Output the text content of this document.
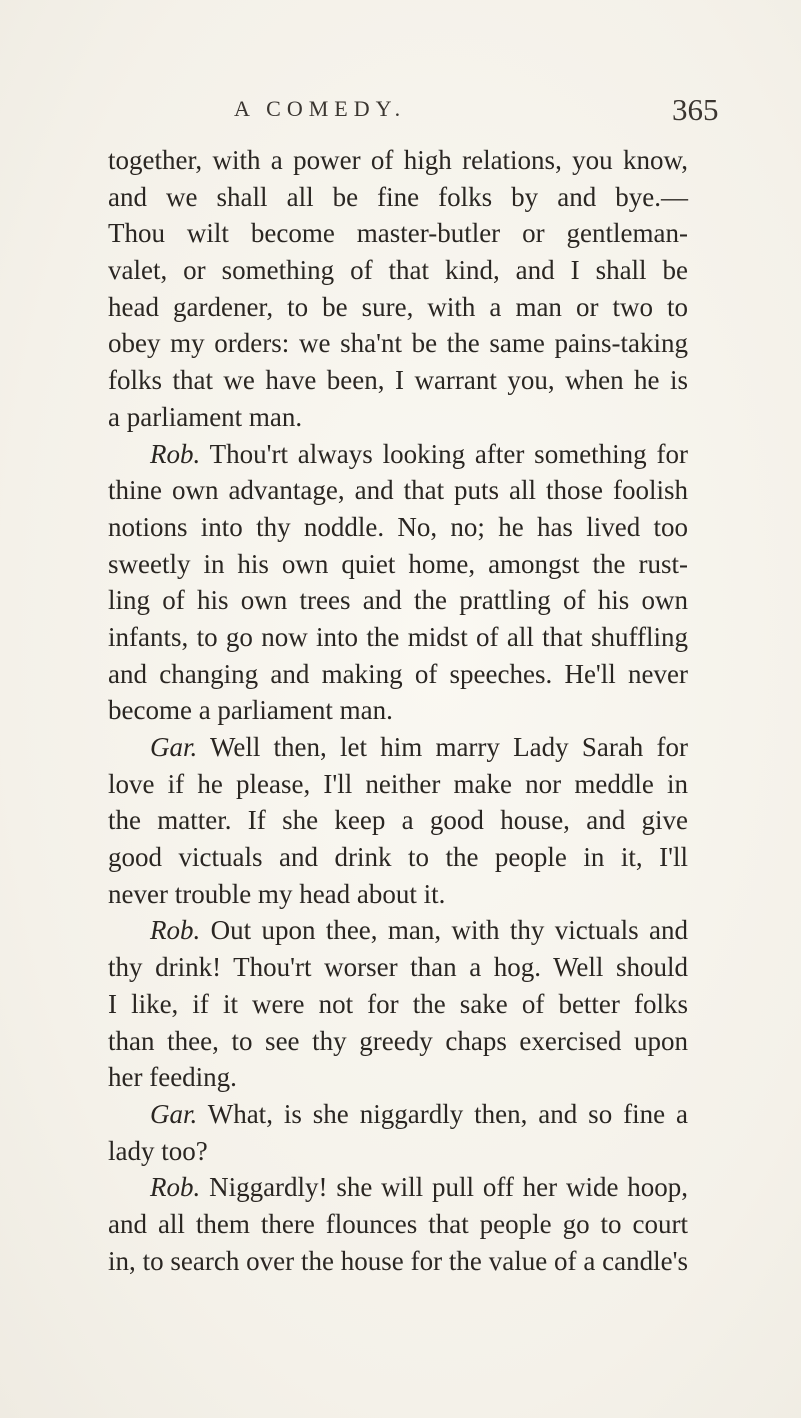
A COMEDY.	365
together, with a power of high relations, you know,
and we shall all be fine folks by and bye.—
Thou wilt become master-butler or gentleman-
valet, or something of that kind, and I shall be
head gardener, to be sure, with a man or two to
obey my orders: we sha'nt be the same pains-taking
folks that we have been, I warrant you, when he is
a parliament man.
Rob. Thou'rt always looking after something for
thine own advantage, and that puts all those foolish
notions into thy noddle. No, no; he has lived too
sweetly in his own quiet home, amongst the rust-
ling of his own trees and the prattling of his own
infants, to go now into the midst of all that shuffling
and changing and making of speeches. He'll never
become a parliament man.
Gar. Well then, let him marry Lady Sarah for
love if he please, I'll neither make nor meddle in
the matter. If she keep a good house, and give
good victuals and drink to the people in it, I'll
never trouble my head about it.
Rob. Out upon thee, man, with thy victuals and
thy drink! Thou'rt worser than a hog. Well should
I like, if it were not for the sake of better folks
than thee, to see thy greedy chaps exercised upon
her feeding.
Gar. What, is she niggardly then, and so fine a
lady too?
Rob. Niggardly! she will pull off her wide hoop,
and all them there flounces that people go to court
in, to search over the house for the value of a candle's
